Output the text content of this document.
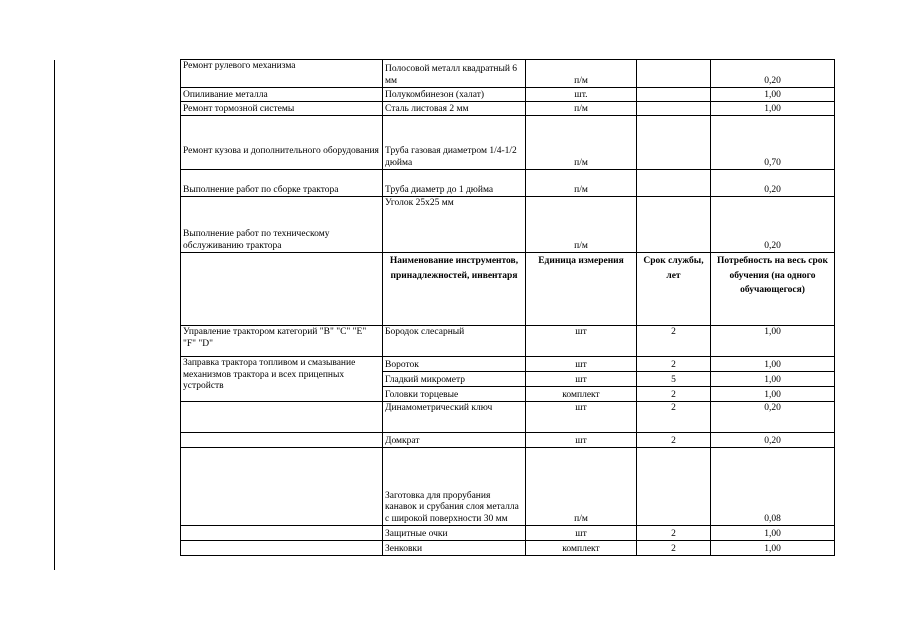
Ремонт рулевого механизма	Полосовой металл квадратный 6 мм	п/м		0,20
Опиливание металла	Полукомбинезон (халат)	шт.		1,00
Ремонт тормозной системы	Сталь листовая 2 мм	п/м		1,00
Ремонт кузова и дополнительного оборудования	Труба газовая диаметром 1/4-1/2 дюйма	п/м		0,70
Выполнение работ по сборке трактора	Труба диаметр до 1 дюйма	п/м		0,20
Выполнение работ по техническому обслуживанию трактора	Уголок 25х25 мм	п/м		0,20
	Наименование инструментов, принадлежностей, инвентаря	Единица измерения	Срок службы, лет	Потребность на весь срок обучения (на одного обучающегося)
Управление трактором категорий "В" "С" "Е" "F" "D"	Бородок слесарный	шт	2	1,00
Заправка трактора топливом и смазывание механизмов трактора и всех прицепных устройств	Вороток	шт	2	1,00
	Гладкий микрометр	шт	5	1,00
	Головки торцевые	комплект	2	1,00
	Динамометрический ключ	шт	2	0,20
	Домкрат	шт	2	0,20
	Заготовка для прорубания канавок и срубания слоя металла с широкой поверхности 30 мм	п/м		0,08
	Защитные очки	шт	2	1,00
	Зенковки	комплект	2	1,00
